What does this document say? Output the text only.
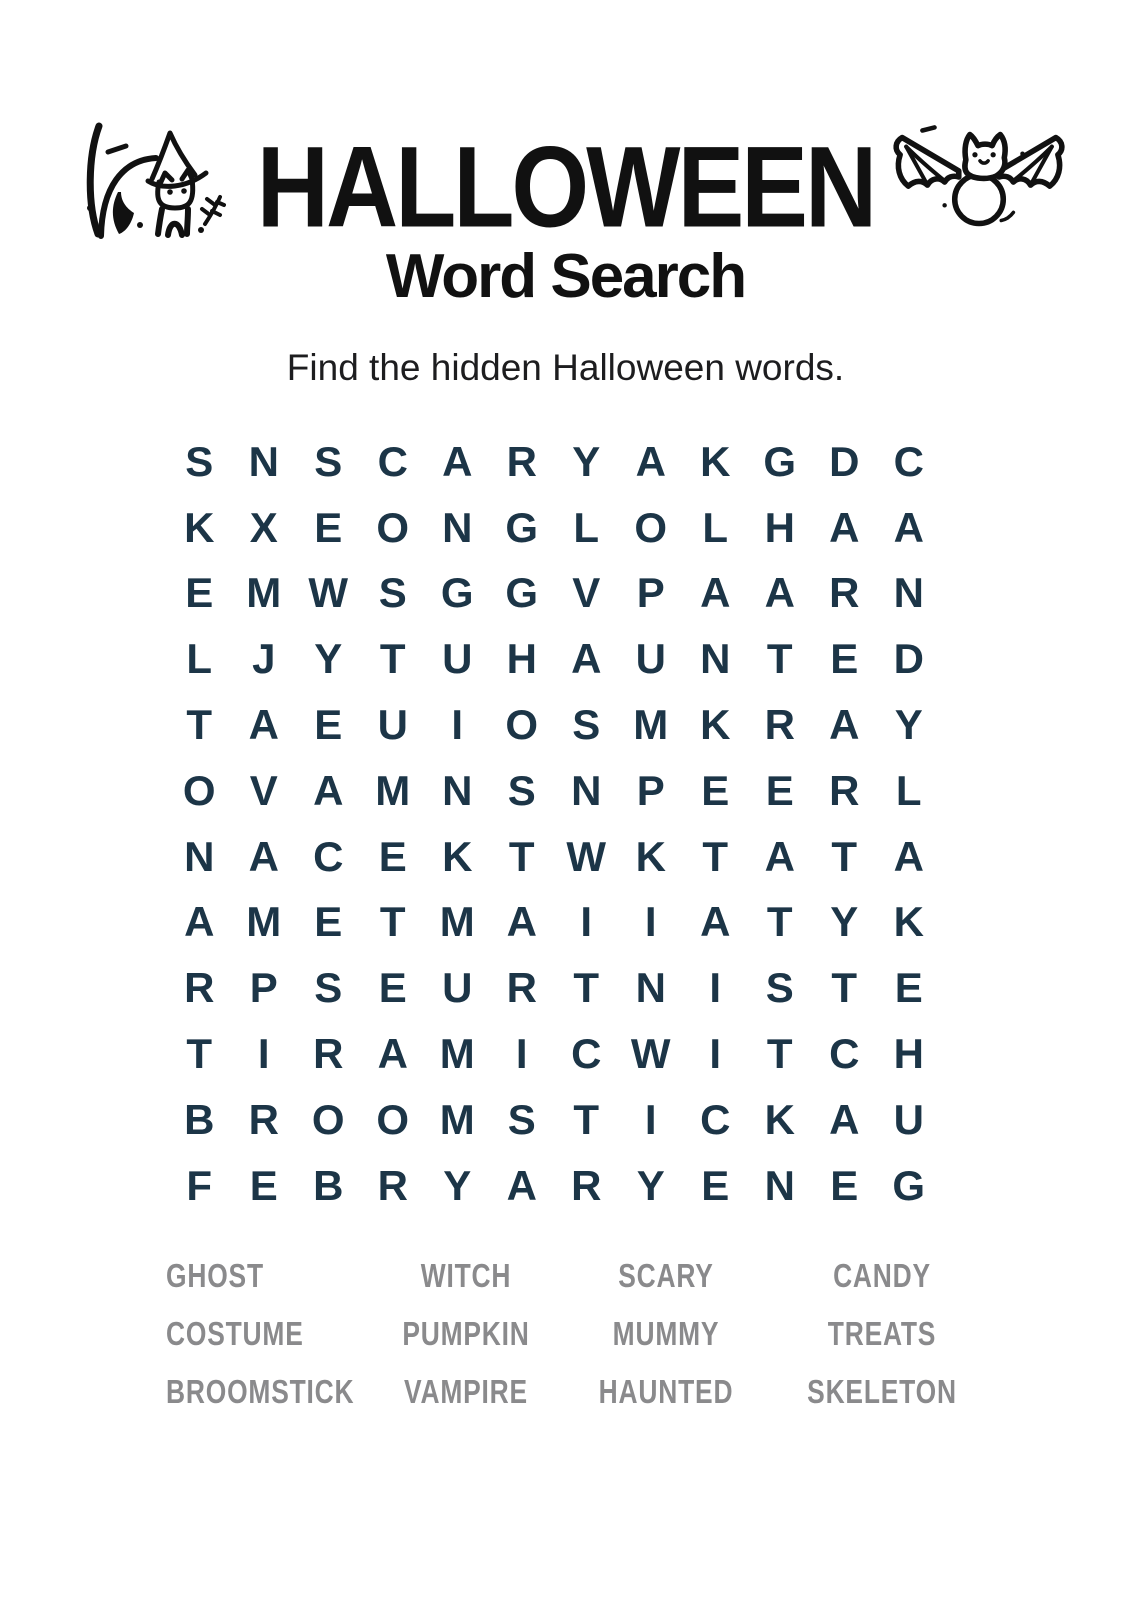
HALLOWEEN
Word Search

Find the hidden Halloween words.

S N S C A R Y A K G D C
K X E O N G L O L H A A
E M W S G G V P A A R N
L J Y T U H A U N T E D
T A E U	I	O S M K R A Y
O V A M N S N P E E R L
N A C E K T W K T A T A
A M E T M A	I	I	A T Y K
R P S E U R T N	I	S T E
T	I	R A M I	C W I	T C H
B R O O M S T	I	C K A U
F E B R Y A R Y E N E G
GHOST	WITCH	SCARY	CANDY
COSTUME	PUMPKIN	MUMMY	TREATS
BROOMSTICK	VAMPIRE	HAUNTED	SKELETON
